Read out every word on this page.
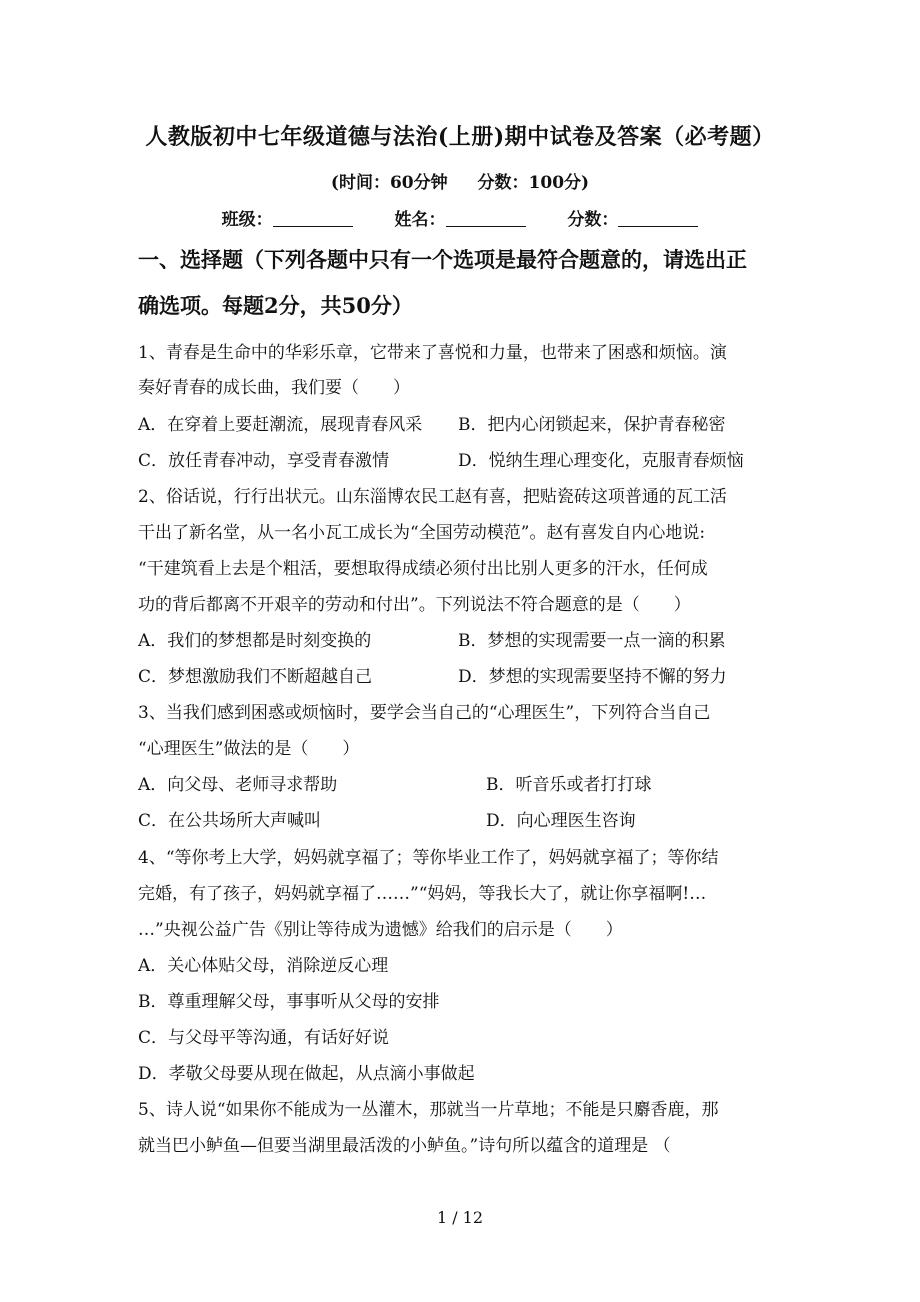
人教版初中七年级道德与法治(上册)期中试卷及答案（必考题）
(时间：60分钟 分数：100分)
班级：	姓名：	分数：
一、选择题（下列各题中只有一个选项是最符合题意的，请选出正
确选项。每题2分，共50分）
1、青春是生命中的华彩乐章，它带来了喜悦和力量，也带来了困惑和烦恼。演
奏好青春的成长曲，我们要（　　）
A．在穿着上要赶潮流，展现青春风采 B．把内心闭锁起来，保护青春秘密
C．放任青春冲动，享受青春激情	D．悦纳生理心理变化，克服青春烦恼
2、俗话说，行行出状元。山东淄博农民工赵有喜，把贴瓷砖这项普通的瓦工活
干出了新名堂，从一名小瓦工成长为“全国劳动模范”。赵有喜发自内心地说:
“干建筑看上去是个粗活，要想取得成绩必须付出比别人更多的汗水，任何成
功的背后都离不开艰辛的劳动和付出”。下列说法不符合题意的是（　　）
A．我们的梦想都是时刻变换的	B．梦想的实现需要一点一滴的积累
C．梦想激励我们不断超越自己	D．梦想的实现需要坚持不懈的努力
3、当我们感到困惑或烦恼时，要学会当自己的“心理医生”，下列符合当自己
“心理医生”做法的是（　　）
A．向父母、老师寻求帮助	B．听音乐或者打打球
C．在公共场所大声喊叫	D．向心理医生咨询
4、“等你考上大学，妈妈就享福了；等你毕业工作了，妈妈就享福了；等你结
完婚，有了孩子，妈妈就享福了……”“妈妈，等我长大了，就让你享福啊!…
…”央视公益广告《别让等待成为遗憾》给我们的启示是（　　）
A．关心体贴父母，消除逆反心理
B．尊重理解父母，事事听从父母的安排
C．与父母平等沟通，有话好好说
D．孝敬父母要从现在做起，从点滴小事做起
5、诗人说“如果你不能成为一丛灌木，那就当一片草地；不能是只麝香鹿，那
就当巴小鲈鱼—但要当湖里最活泼的小鲈鱼。”诗句所以蕴含的道理是 （
1 / 12
